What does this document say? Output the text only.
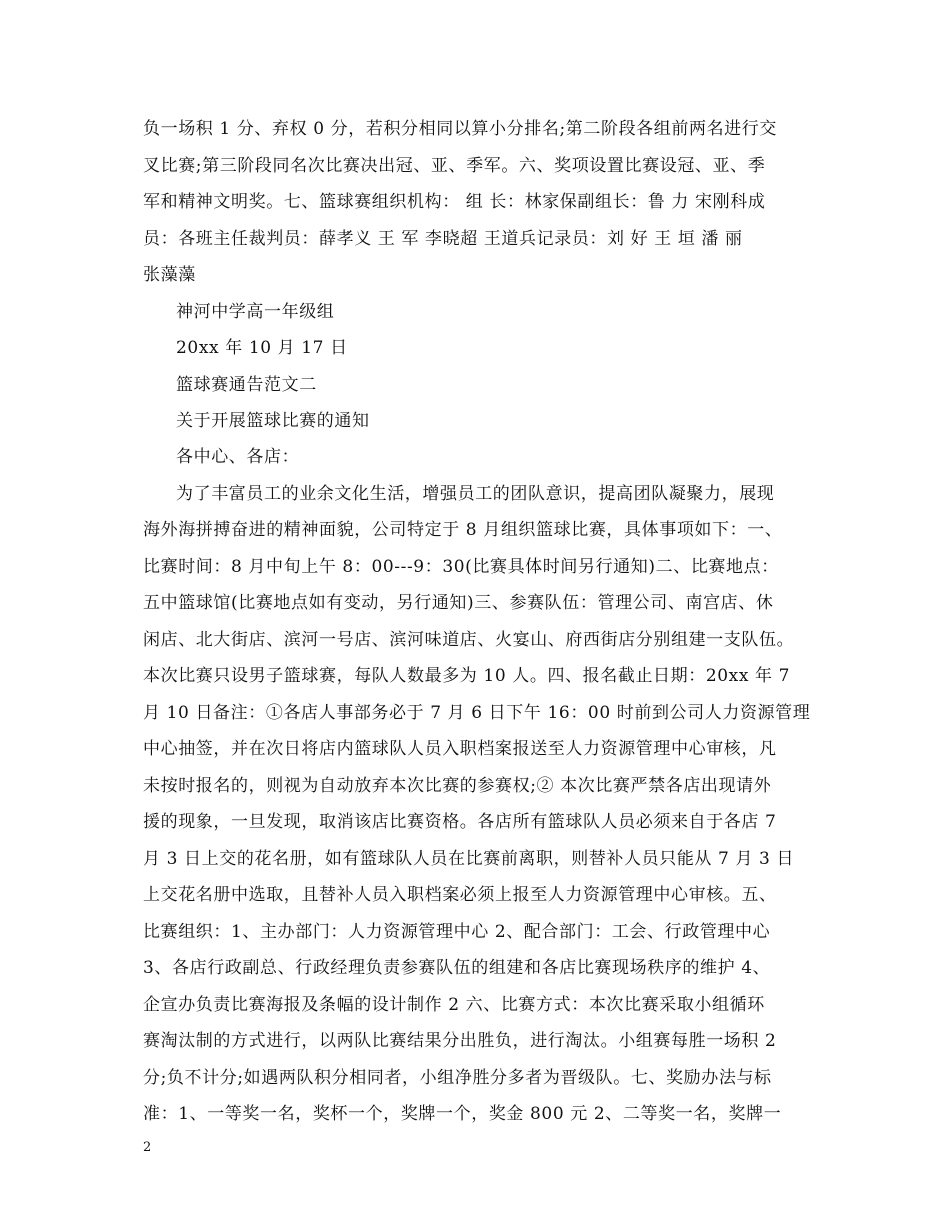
负一场积 1 分、弃权 0 分，若积分相同以算小分排名;第二阶段各组前两名进行交
叉比赛;第三阶段同名次比赛决出冠、亚、季军。六、奖项设置比赛设冠、亚、季
军和精神文明奖。七、篮球赛组织机构： 组 长：林家保副组长：鲁 力 宋刚科成
员：各班主任裁判员：薛孝义 王 军 李晓超 王道兵记录员：刘 好 王 垣 潘 丽
张藻藻
神河中学高一年级组
20xx 年 10 月 17 日
篮球赛通告范文二
关于开展篮球比赛的通知
各中心、各店：
为了丰富员工的业余文化生活，增强员工的团队意识，提高团队凝聚力，展现
海外海拼搏奋进的精神面貌，公司特定于 8 月组织篮球比赛，具体事项如下：一、
比赛时间：8 月中旬上午 8：00---9：30(比赛具体时间另行通知)二、比赛地点：
五中篮球馆(比赛地点如有变动，另行通知)三、参赛队伍：管理公司、南宫店、休
闲店、北大街店、滨河一号店、滨河味道店、火宴山、府西街店分别组建一支队伍。
本次比赛只设男子篮球赛，每队人数最多为 10 人。四、报名截止日期：20xx 年 7
月 10 日备注：①各店人事部务必于 7 月 6 日下午 16：00 时前到公司人力资源管理
中心抽签，并在次日将店内篮球队人员入职档案报送至人力资源管理中心审核，凡
未按时报名的，则视为自动放弃本次比赛的参赛权;② 本次比赛严禁各店出现请外
援的现象，一旦发现，取消该店比赛资格。各店所有篮球队人员必须来自于各店 7
月 3 日上交的花名册，如有篮球队人员在比赛前离职，则替补人员只能从 7 月 3 日
上交花名册中选取，且替补人员入职档案必须上报至人力资源管理中心审核。五、
比赛组织：1、主办部门：人力资源管理中心 2、配合部门：工会、行政管理中心
3、各店行政副总、行政经理负责参赛队伍的组建和各店比赛现场秩序的维护 4、
企宣办负责比赛海报及条幅的设计制作 2 六、比赛方式：本次比赛采取小组循环
赛淘汰制的方式进行，以两队比赛结果分出胜负，进行淘汰。小组赛每胜一场积 2
分;负不计分;如遇两队积分相同者，小组净胜分多者为晋级队。七、奖励办法与标
准：1、一等奖一名，奖杯一个，奖牌一个，奖金 800 元 2、二等奖一名，奖牌一
2
